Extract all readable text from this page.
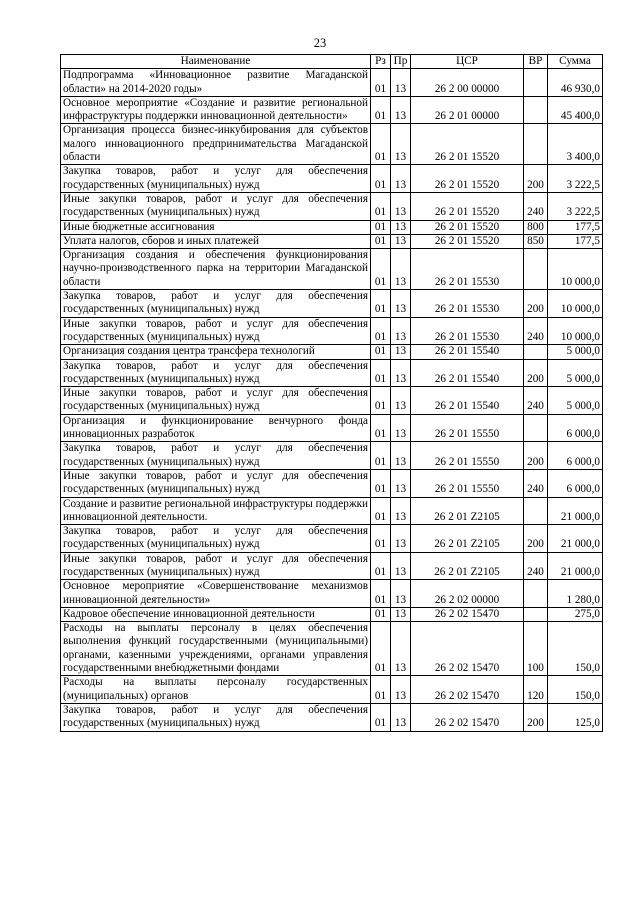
23
Наименование	Рз	Пр	ЦСР	ВР	Сумма
Подпрограмма «Инновационное развитие Магаданской области» на 2014-2020 годы»	01	13	26 2 00 00000		46 930,0
Основное мероприятие «Создание и развитие региональной инфраструктуры поддержки инновационной деятельности»	01	13	26 2 01 00000		45 400,0
Организация процесса бизнес-инкубирования для субъектов малого инновационного предпринимательства Магаданской области	01	13	26 2 01 15520		3 400,0
Закупка товаров, работ и услуг для обеспечения государственных (муниципальных) нужд	01	13	26 2 01 15520	200	3 222,5
Иные закупки товаров, работ и услуг для обеспечения государственных (муниципальных) нужд	01	13	26 2 01 15520	240	3 222,5
Иные бюджетные ассигнования	01	13	26 2 01 15520	800	177,5
Уплата налогов, сборов и иных платежей	01	13	26 2 01 15520	850	177,5
Организация создания и обеспечения функционирования научно-производственного парка на территории Магаданской области	01	13	26 2 01 15530		10 000,0
Закупка товаров, работ и услуг для обеспечения государственных (муниципальных) нужд	01	13	26 2 01 15530	200	10 000,0
Иные закупки товаров, работ и услуг для обеспечения государственных (муниципальных) нужд	01	13	26 2 01 15530	240	10 000,0
Организация создания центра трансфера технологий	01	13	26 2 01 15540		5 000,0
Закупка товаров, работ и услуг для обеспечения государственных (муниципальных) нужд	01	13	26 2 01 15540	200	5 000,0
Иные закупки товаров, работ и услуг для обеспечения государственных (муниципальных) нужд	01	13	26 2 01 15540	240	5 000,0
Организация и функционирование венчурного фонда инновационных разработок	01	13	26 2 01 15550		6 000,0
Закупка товаров, работ и услуг для обеспечения государственных (муниципальных) нужд	01	13	26 2 01 15550	200	6 000,0
Иные закупки товаров, работ и услуг для обеспечения государственных (муниципальных) нужд	01	13	26 2 01 15550	240	6 000,0
Создание и развитие региональной инфраструктуры поддержки инновационной деятельности.	01	13	26 2 01 Z2105		21 000,0
Закупка товаров, работ и услуг для обеспечения государственных (муниципальных) нужд	01	13	26 2 01 Z2105	200	21 000,0
Иные закупки товаров, работ и услуг для обеспечения государственных (муниципальных) нужд	01	13	26 2 01 Z2105	240	21 000,0
Основное мероприятие «Совершенствование механизмов инновационной деятельности»	01	13	26 2 02 00000		1 280,0
Кадровое обеспечение инновационной деятельности	01	13	26 2 02 15470		275,0
Расходы на выплаты персоналу в целях обеспечения выполнения функций государственными (муниципальными) органами, казенными учреждениями, органами управления государственными внебюджетными фондами	01	13	26 2 02 15470	100	150,0
Расходы на выплаты персоналу государственных (муниципальных) органов	01	13	26 2 02 15470	120	150,0
Закупка товаров, работ и услуг для обеспечения государственных (муниципальных) нужд	01	13	26 2 02 15470	200	125,0
